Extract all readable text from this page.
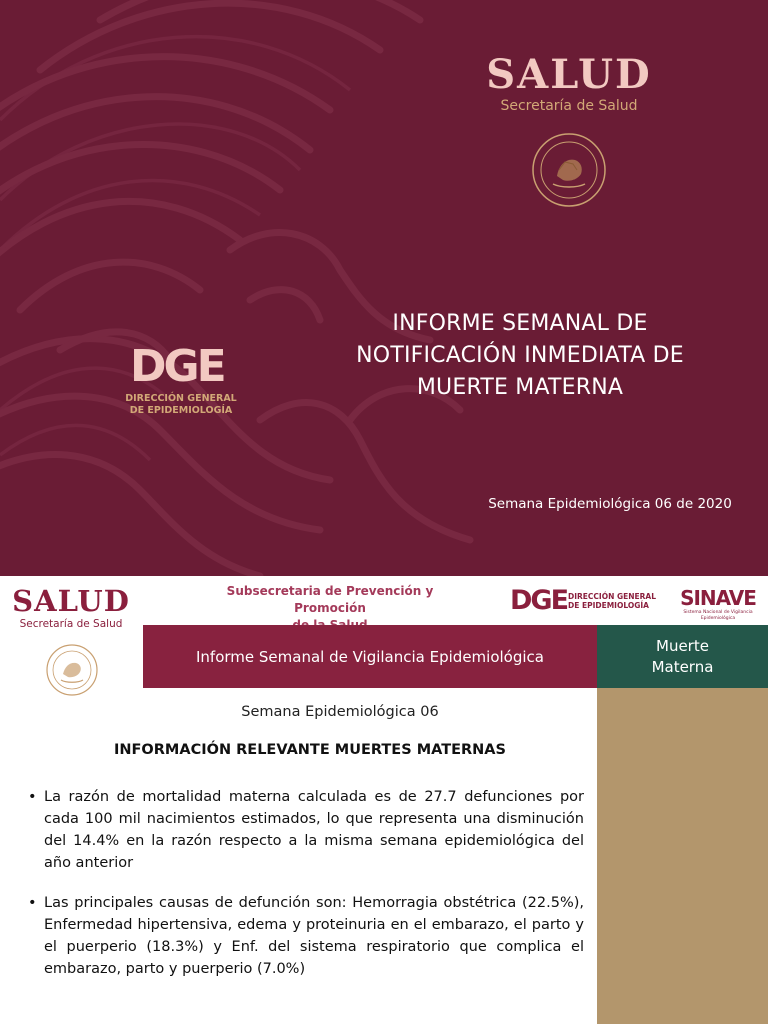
SALUD
Secretaría de Salud
DGE
DIRECCIÓN GENERAL
DE EPIDEMIOLOGÍA
INFORME SEMANAL DE
NOTIFICACIÓN INMEDIATA DE
MUERTE MATERNA
Semana Epidemiológica 06 de 2020
SALUD
Secretaría de Salud
Subsecretaria de Prevención y Promoción	DGE DIRECCIÓN GENERAL
DE EPIDEMIOLOGÍA	SINAVE
Sistema Nacional de Vigilancia Epidemiológica
Informe Semanal de Vigilancia Epidemiológica
Muerte
Materna
Semana Epidemiológica 06
INFORMACIÓN RELEVANTE MUERTES MATERNAS
• La razón de mortalidad materna calculada es de 27.7 defunciones por cada 100 mil nacimientos estimados, lo que representa una disminución del 14.4% en la razón respecto a la misma semana epidemiológica del año anterior
• Las principales causas de defunción son: Hemorragia obstétrica (22.5%), Enfermedad hipertensiva, edema y proteinuria en el embarazo, el parto y el puerperio (18.3%) y Enf. del sistema respiratorio que complica el embarazo, parto y puerperio (7.0%)
